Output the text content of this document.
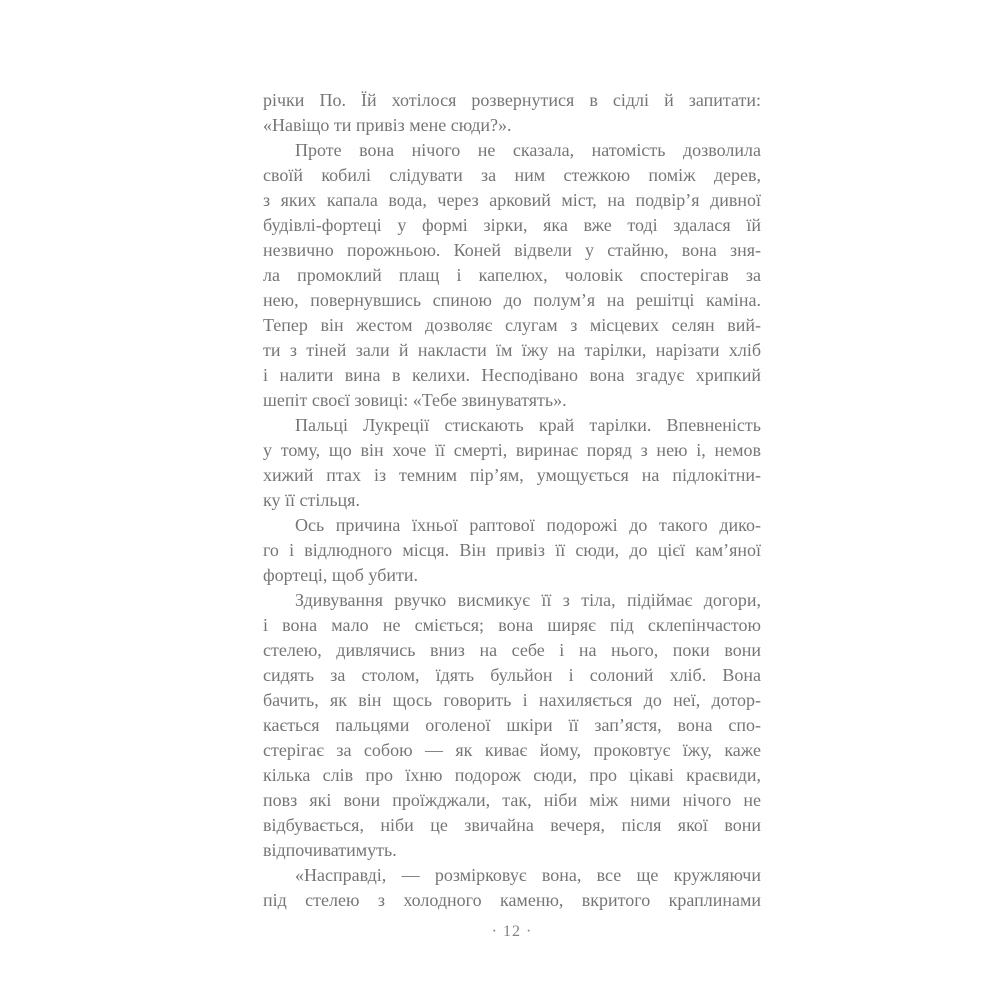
річки По. Їй хотілося розвернутися в сідлі й запитати:
«Навіщо ти привіз мене сюди?».
Проте вона нічого не сказала, натомість дозволила
своїй кобилі слідувати за ним стежкою поміж дерев,
з яких капала вода, через арковий міст, на подвір’я дивної
будівлі-фортеці у формі зірки, яка вже тоді здалася їй
незвично порожньою. Коней відвели у стайню, вона зня-
ла промоклий плащ і капелюх, чоловік спостерігав за
нею, повернувшись спиною до полум’я на решітці каміна.
Тепер він жестом дозволяє слугам з місцевих селян вий-
ти з тіней зали й накласти їм їжу на тарілки, нарізати хліб
і налити вина в келихи. Несподівано вона згадує хрипкий
шепіт своєї зовиці: «Тебе звинуватять».
Пальці Лукреції стискають край тарілки. Впевненість
у тому, що він хоче її смерті, виринає поряд з нею і, немов
хижий птах із темним пір’ям, умощується на підлокітни-
ку її стільця.
Ось причина їхньої раптової подорожі до такого дико-
го і відлюдного місця. Він привіз її сюди, до цієї кам’яної
фортеці, щоб убити.
Здивування рвучко висмикує її з тіла, підіймає догори,
і вона мало не сміється; вона ширяє під склепінчастою
стелею, дивлячись вниз на себе і на нього, поки вони
сидять за столом, їдять бульйон і солоний хліб. Вона
бачить, як він щось говорить і нахиляється до неї, дотор-
кається пальцями оголеної шкіри її зап’ястя, вона спо-
стерігає за собою — як киває йому, проковтує їжу, каже
кілька слів про їхню подорож сюди, про цікаві краєвиди,
повз які вони проїжджали, так, ніби між ними нічого не
відбувається, ніби це звичайна вечеря, після якої вони
відпочиватимуть.
«Насправді, — розмірковує вона, все ще кружляючи
під стелею з холодного каменю, вкритого краплинами
· 12 ·
